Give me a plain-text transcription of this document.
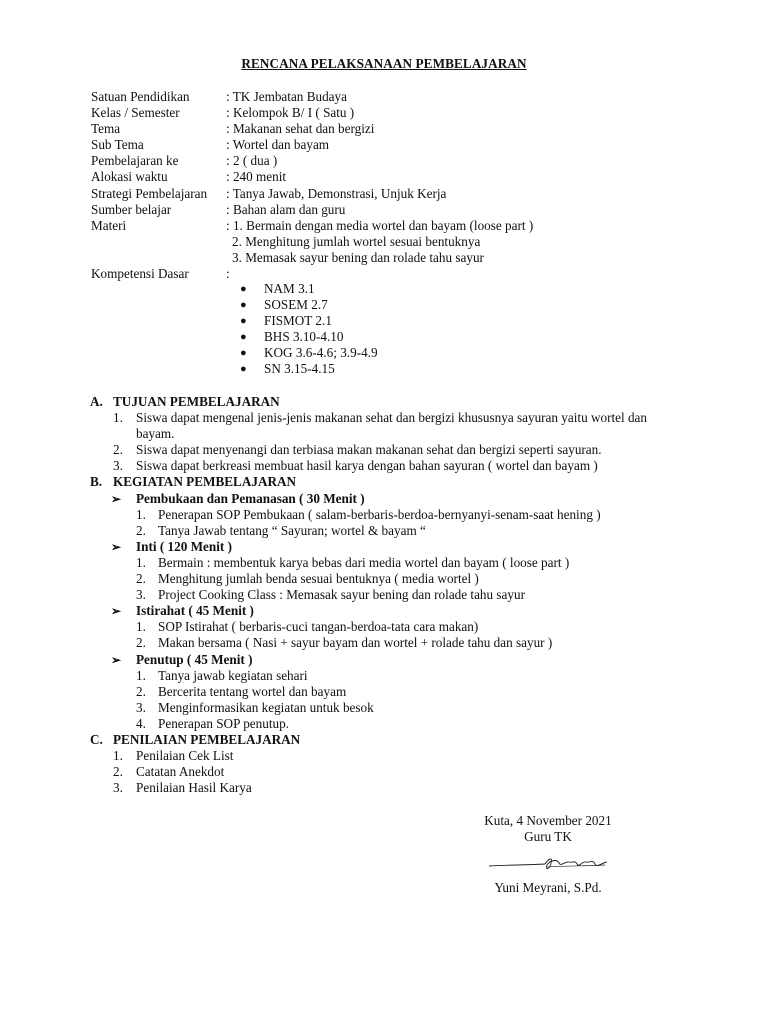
RENCANA PELAKSANAAN PEMBELAJARAN
Satuan Pendidikan	: TK Jembatan Budaya
Kelas / Semester	: Kelompok B/ I ( Satu )
Tema	: Makanan sehat dan bergizi
Sub Tema	: Wortel dan bayam
Pembelajaran ke	: 2 ( dua )
Alokasi waktu	: 240 menit
Strategi Pembelajaran : Tanya Jawab, Demonstrasi, Unjuk Kerja
Sumber belajar	: Bahan alam dan guru
Materi	: 1. Bermain dengan media wortel dan bayam (loose part )
2. Menghitung jumlah wortel sesuai bentuknya
3. Memasak sayur bening dan rolade tahu sayur
Kompetensi Dasar	:
● NAM 3.1
● SOSEM 2.7
● FISMOT 2.1
● BHS 3.10-4.10
● KOG 3.6-4.6; 3.9-4.9
● SN 3.15-4.15
A. TUJUAN PEMBELAJARAN
1. Siswa dapat mengenal jenis-jenis makanan sehat dan bergizi khususnya sayuran yaitu wortel dan bayam.
2. Siswa dapat menyenangi dan terbiasa makan makanan sehat dan bergizi seperti sayuran.
3. Siswa dapat berkreasi membuat hasil karya dengan bahan sayuran ( wortel dan bayam )
B. KEGIATAN PEMBELAJARAN
➢ Pembukaan dan Pemanasan ( 30 Menit )
1. Penerapan SOP Pembukaan ( salam-berbaris-berdoa-bernyanyi-senam-saat hening )
2. Tanya Jawab tentang “ Sayuran; wortel & bayam “
➢ Inti ( 120 Menit )
1. Bermain : membentuk karya bebas dari media wortel dan bayam ( loose part )
2. Menghitung jumlah benda sesuai bentuknya ( media wortel )
3. Project Cooking Class : Memasak sayur bening dan rolade tahu sayur
➢ Istirahat ( 45 Menit )
1. SOP Istirahat ( berbaris-cuci tangan-berdoa-tata cara makan)
2. Makan bersama ( Nasi + sayur bayam dan wortel + rolade tahu dan sayur )
➢ Penutup ( 45 Menit )
1. Tanya jawab kegiatan sehari
2. Bercerita tentang wortel dan bayam
3. Menginformasikan kegiatan untuk besok
4. Penerapan SOP penutup.
C. PENILAIAN PEMBELAJARAN
1. Penilaian Cek List
2. Catatan Anekdot
3. Penilaian Hasil Karya
Kuta, 4 November 2021
Guru TK
Yuni Meyrani, S.Pd.
